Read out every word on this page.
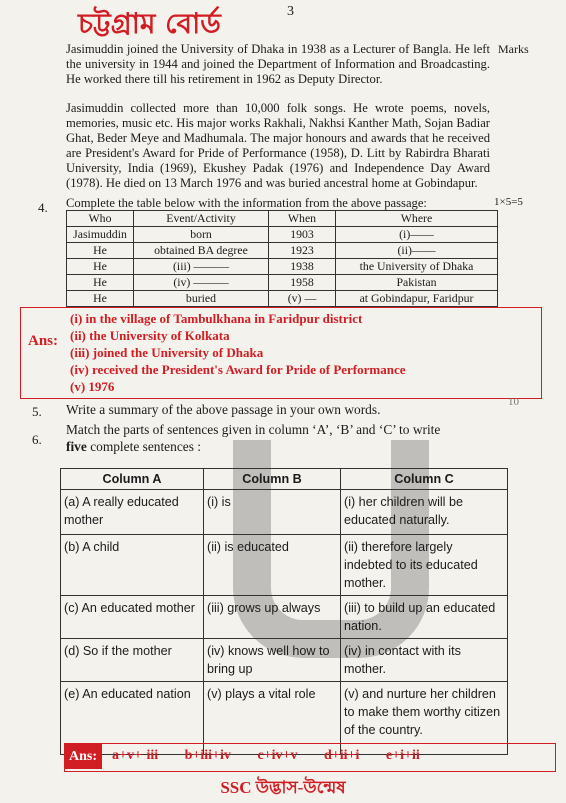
চট্টগ্রাম বোর্ড	3
Marks
Jasimuddin joined the University of Dhaka in 1938 as a Lecturer of Bangla. He left the university in 1944 and joined the Department of Information and Broadcasting. He worked there till his retirement in 1962 as Deputy Director.
Jasimuddin collected more than 10,000 folk songs. He wrote poems, novels, memories, music etc. His major works Rakhali, Nakhsi Kanther Math, Sojan Badiar Ghat, Beder Meye and Madhumala. The major honours and awards that he received are President's Award for Pride of Performance (1958), D. Litt by Rabirdra Bharati University, India (1969), Ekushey Padak (1976) and Independence Day Award (1978). He died on 13 March 1976 and was buried ancestral home at Gobindapur.
4. Complete the table below with the information from the above passage:	1×5=5
Who	Event/Activity	When	Where
Jasimuddin	born	1903	(i)——
He	obtained BA degree	1923	(ii)——
He	(iii) ———	1938	the University of Dhaka
He	(iv) ———	1958	Pakistan
He	buried	(v) —	at Gobindapur, Faridpur
Ans:
(i) in the village of Tambulkhana in Faridpur district
(ii) the University of Kolkata
(iii) joined the University of Dhaka
(iv) received the President's Award for Pride of Performance
(v) 1976
5. Write a summary of the above passage in your own words.	10
6.
Match the parts of sentences given in column ‘A’, ‘B’ and ‘C’ to write
five complete sentences :
Column A	Column B	Column C
(a) A really educated mother	(i) is	(i) her children will be educated naturally.
(b) A child	(ii) is educated	(ii) therefore largely indebted to its educated mother.
(c) An educated mother	(iii) grows up always	(iii) to build up an educated nation.
(d) So if the mother	(iv) knows well how to bring up	(iv) in contact with its mother.
(e) An educated nation	(v) plays a vital role	(v) and nurture her children to make them worthy citizen of the country.
Ans:	a+v+ iii b+iii+iv c+iv+v d+ii+i e+i+ii
SSC উদ্ভাস-উন্মেষ
